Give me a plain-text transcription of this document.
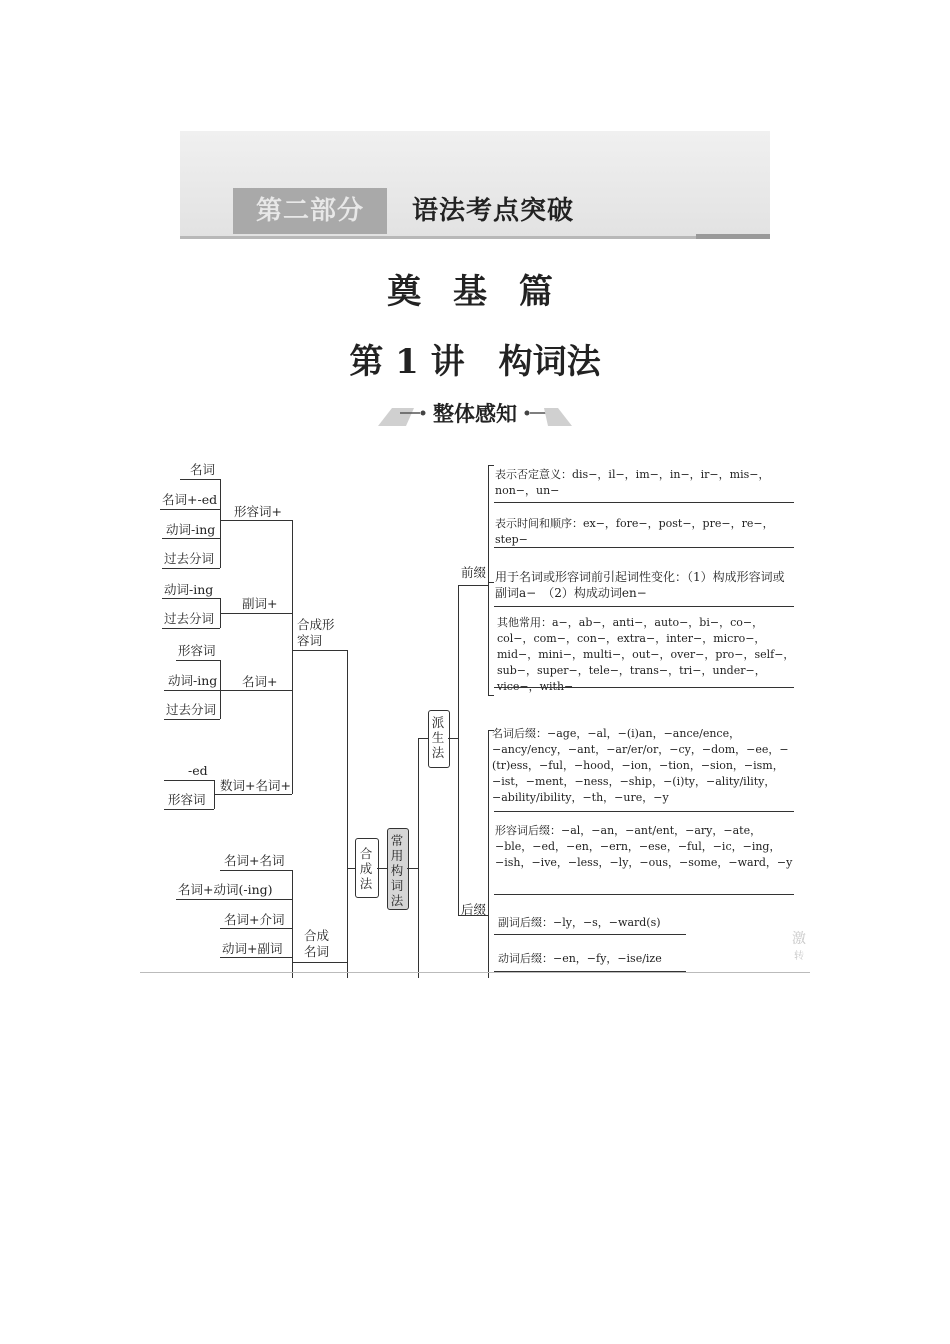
第二部分	语法考点突破
奠 基 篇
第 1 讲　构词法
整体感知
名词
名词+-ed
动词-ing
过去分词
形容词+
动词-ing
过去分词
副词+
形容词
动词-ing
过去分词
名词+
-ed
形容词
数词+名词+
合成形容词
名词+名词
名词+动词(-ing)
名词+介词
动词+副词
合成名词
合成法
常用构词法
派生法
前缀
表示否定意义：dis−，il−，im−，in−，ir−，mis−，non−，un−
表示时间和顺序：ex−，fore−，post−，pre−，re−，step−
用于名词或形容词前引起词性变化：（1）构成形容词或副词a−　（2）构成动词en−
其他常用：a−，ab−，anti−，auto−，bi−，co−，col−，com−，con−，extra−，inter−，micro−，mid−，mini−，multi−，out−，over−，pro−，self−，sub−，super−，tele−，trans−，tri−，under−，vice−，with−
后缀
名词后缀：−age，−al，−(i)an，−ance/ence，−ancy/ency，−ant，−ar/er/or，−cy，−dom，−ee，−(tr)ess，−ful，−hood，−ion，−tion，−sion，−ism，−ist，−ment，−ness，−ship，−(i)ty，−ality/ility，−ability/ibility，−th，−ure，−y
形容词后缀：−al，−an，−ant/ent，−ary，−ate，−ble，−ed，−en，−ern，−ese，−ful，−ic，−ing，−ish，−ive，−less，−ly，−ous，−some，−ward，−y
副词后缀：−ly，−s，−ward(s)
动词后缀：−en，−fy，−ise/ize
激
转
